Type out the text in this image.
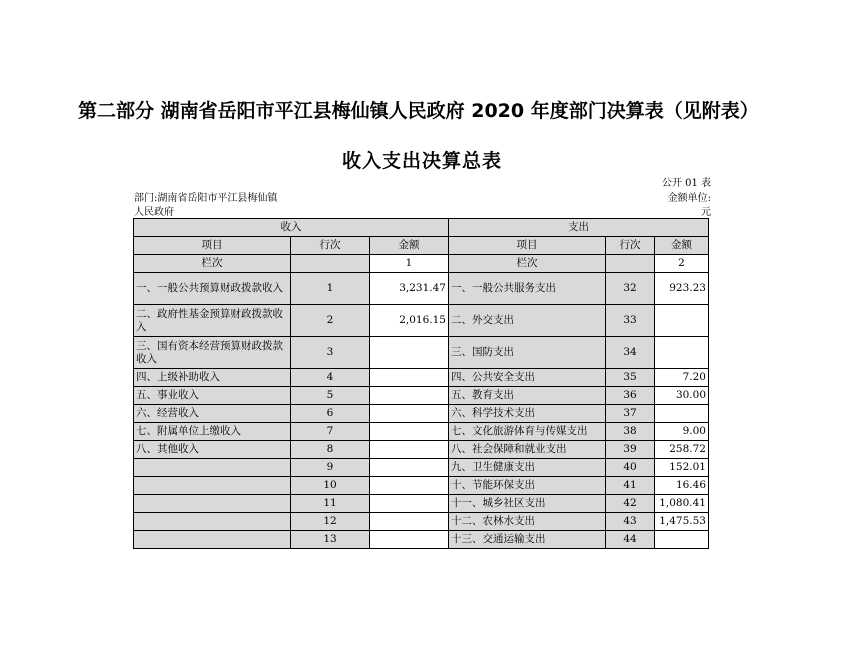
第二部分 湖南省岳阳市平江县梅仙镇人民政府 2020 年度部门决算表（见附表）
收入支出决算总表
公开 01 表
部门:湖南省岳阳市平江县梅仙镇
人民政府
金额单位:
元
收入			支出		
项目	行次	金额	项目	行次	金额
栏次		1	栏次		2
一、一般公共预算财政拨款收入	1	3,231.47	一、一般公共服务支出	32	923.23
二、政府性基金预算财政拨款收入	2	2,016.15	二、外交支出	33	
三、国有资本经营预算财政拨款收入	3		三、国防支出	34	
四、上级补助收入	4		四、公共安全支出	35	7.20
五、事业收入	5		五、教育支出	36	30.00
六、经营收入	6		六、科学技术支出	37	
七、附属单位上缴收入	7		七、文化旅游体育与传媒支出	38	9.00
八、其他收入	8		八、社会保障和就业支出	39	258.72
	9		九、卫生健康支出	40	152.01
	10		十、节能环保支出	41	16.46
	11		十一、城乡社区支出	42	1,080.41
	12		十二、农林水支出	43	1,475.53
	13		十三、交通运输支出	44	
